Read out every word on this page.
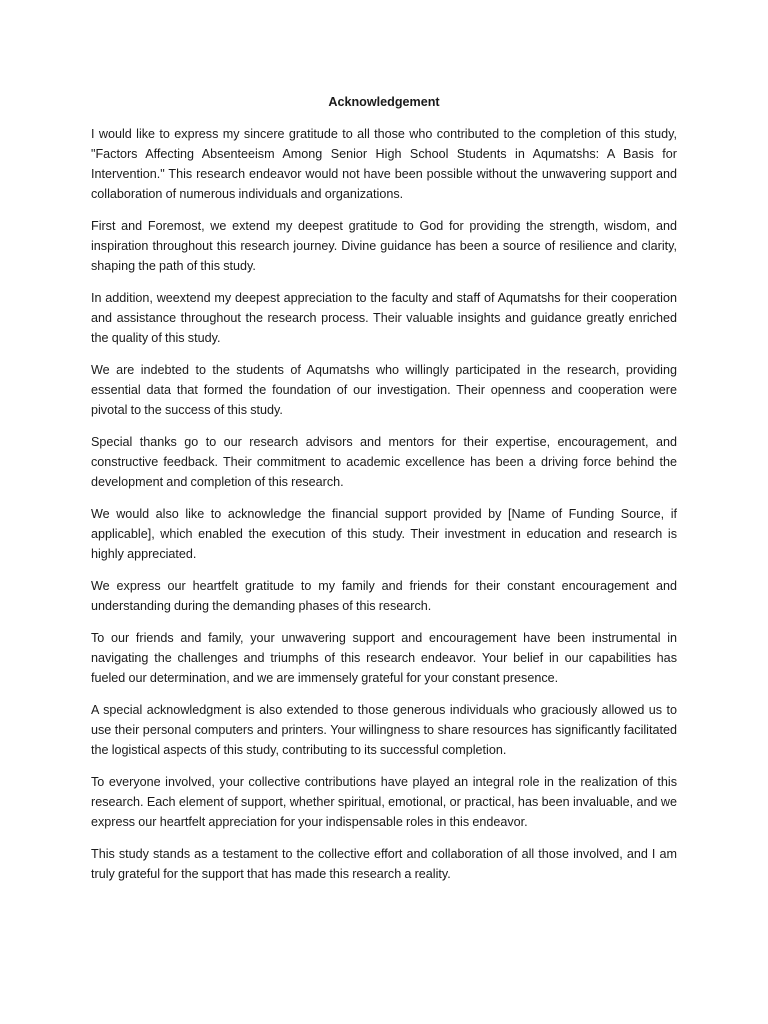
Acknowledgement

I would like to express my sincere gratitude to all those who contributed to the completion of this study, "Factors Affecting Absenteeism Among Senior High School Students in Aqumatshs: A Basis for Intervention." This research endeavor would not have been possible without the unwavering support and collaboration of numerous individuals and organizations.

First and Foremost, we extend my deepest gratitude to God for providing the strength, wisdom, and inspiration throughout this research journey. Divine guidance has been a source of resilience and clarity, shaping the path of this study.

In addition, weextend my deepest appreciation to the faculty and staff of Aqumatshs for their cooperation and assistance throughout the research process. Their valuable insights and guidance greatly enriched the quality of this study.

We are indebted to the students of Aqumatshs who willingly participated in the research, providing essential data that formed the foundation of our investigation. Their openness and cooperation were pivotal to the success of this study.

Special thanks go to our research advisors and mentors for their expertise, encouragement, and constructive feedback. Their commitment to academic excellence has been a driving force behind the development and completion of this research.

We would also like to acknowledge the financial support provided by [Name of Funding Source, if applicable], which enabled the execution of this study. Their investment in education and research is highly appreciated.

We express our heartfelt gratitude to my family and friends for their constant encouragement and understanding during the demanding phases of this research.

To our friends and family, your unwavering support and encouragement have been instrumental in navigating the challenges and triumphs of this research endeavor. Your belief in our capabilities has fueled our determination, and we are immensely grateful for your constant presence.

A special acknowledgment is also extended to those generous individuals who graciously allowed us to use their personal computers and printers. Your willingness to share resources has significantly facilitated the logistical aspects of this study, contributing to its successful completion.

To everyone involved, your collective contributions have played an integral role in the realization of this research. Each element of support, whether spiritual, emotional, or practical, has been invaluable, and we express our heartfelt appreciation for your indispensable roles in this endeavor.

This study stands as a testament to the collective effort and collaboration of all those involved, and I am truly grateful for the support that has made this research a reality.
